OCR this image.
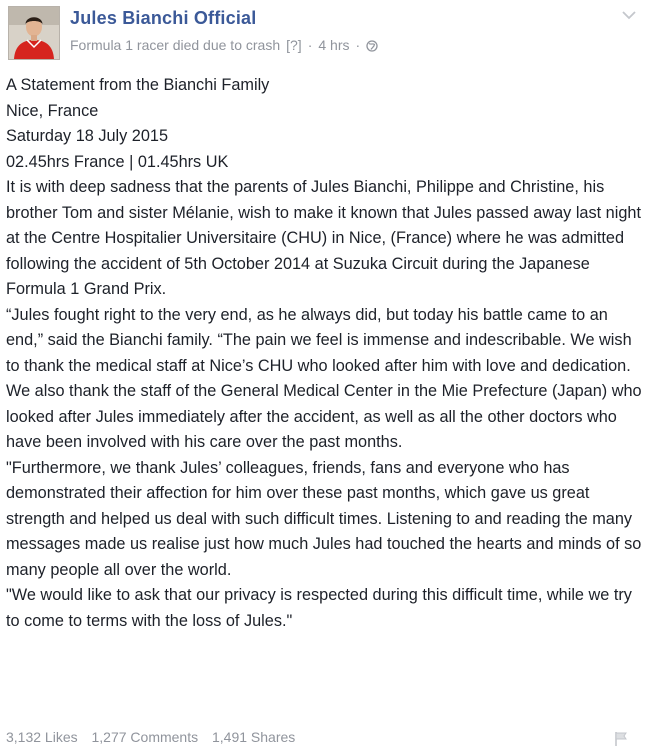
Jules Bianchi Official
Formula 1 racer died due to crash [?] · 4 hrs ·

A Statement from the Bianchi Family

Nice, France

Saturday 18 July 2015

02.45hrs France | 01.45hrs UK

It is with deep sadness that the parents of Jules Bianchi, Philippe and Christine, his brother Tom and sister Mélanie, wish to make it known that Jules passed away last night at the Centre Hospitalier Universitaire (CHU) in Nice, (France) where he was admitted following the accident of 5th October 2014 at Suzuka Circuit during the Japanese Formula 1 Grand Prix.

“Jules fought right to the very end, as he always did, but today his battle came to an end,” said the Bianchi family. “The pain we feel is immense and indescribable. We wish to thank the medical staff at Nice’s CHU who looked after him with love and dedication. We also thank the staff of the General Medical Center in the Mie Prefecture (Japan) who looked after Jules immediately after the accident, as well as all the other doctors who have been involved with his care over the past months.

"Furthermore, we thank Jules’ colleagues, friends, fans and everyone who has demonstrated their affection for him over these past months, which gave us great strength and helped us deal with such difficult times. Listening to and reading the many messages made us realise just how much Jules had touched the hearts and minds of so many people all over the world.

"We would like to ask that our privacy is respected during this difficult time, while we try to come to terms with the loss of Jules."

3,132 Likes 1,277 Comments 1,491 Shares
